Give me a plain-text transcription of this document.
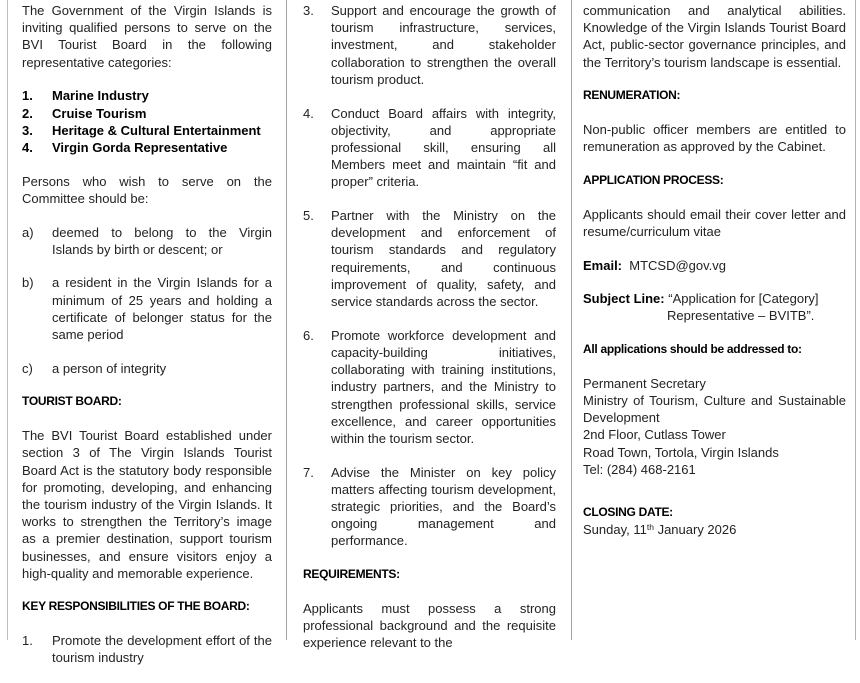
The Government of the Virgin Islands is inviting qualified persons to serve on the BVI Tourist Board in the following representative categories:
1.	Marine Industry
2.	Cruise Tourism
3.	Heritage & Cultural Entertainment
4.	Virgin Gorda Representative
Persons who wish to serve on the Committee should be:
a)	deemed to belong to the Virgin Islands by birth or descent; or
b)	a resident in the Virgin Islands for a minimum of 25 years and holding a certificate of belonger status for the same period
c)	a person of integrity
TOURIST BOARD:
The BVI Tourist Board established under section 3 of The Virgin Islands Tourist Board Act is the statutory body responsible for promoting, developing, and enhancing the tourism industry of the Virgin Islands. It works to strengthen the Territory’s image as a premier destination, support tourism businesses, and ensure visitors enjoy a high-quality and memorable experience.
KEY RESPONSIBILITIES OF THE BOARD:
1.	Promote the development effort of the tourism industry
3.	Support and encourage the growth of tourism infrastructure, services, investment, and stakeholder collaboration to strengthen the overall tourism product.
4.	Conduct Board affairs with integrity, objectivity, and appropriate professional skill, ensuring all Members meet and maintain “fit and proper” criteria.
5.	Partner with the Ministry on the development and enforcement of tourism standards and regulatory requirements, and continuous improvement of quality, safety, and service standards across the sector.
6.	Promote workforce development and capacity-building initiatives, collaborating with training institutions, industry partners, and the Ministry to strengthen professional skills, service excellence, and career opportunities within the tourism sector.
7.	Advise the Minister on key policy matters affecting tourism development, strategic priorities, and the Board’s ongoing management and performance.
REQUIREMENTS:
Applicants must possess a strong professional background and the requisite experience relevant to the
communication and analytical abilities. Knowledge of the Virgin Islands Tourist Board Act, public-sector governance principles, and the Territory’s tourism landscape is essential.
RENUMERATION:
Non-public officer members are entitled to remuneration as approved by the Cabinet.
APPLICATION PROCESS:
Applicants should email their cover letter and resume/curriculum vitae
Email: MTCSD@gov.vg
Subject Line: “Application for [Category]
Representative – BVITB”.
All applications should be addressed to:
Permanent Secretary
Ministry of Tourism, Culture and Sustainable Development
2nd Floor, Cutlass Tower
Road Town, Tortola, Virgin Islands
Tel: (284) 468-2161
CLOSING DATE:
Sunday, 11th January 2026
